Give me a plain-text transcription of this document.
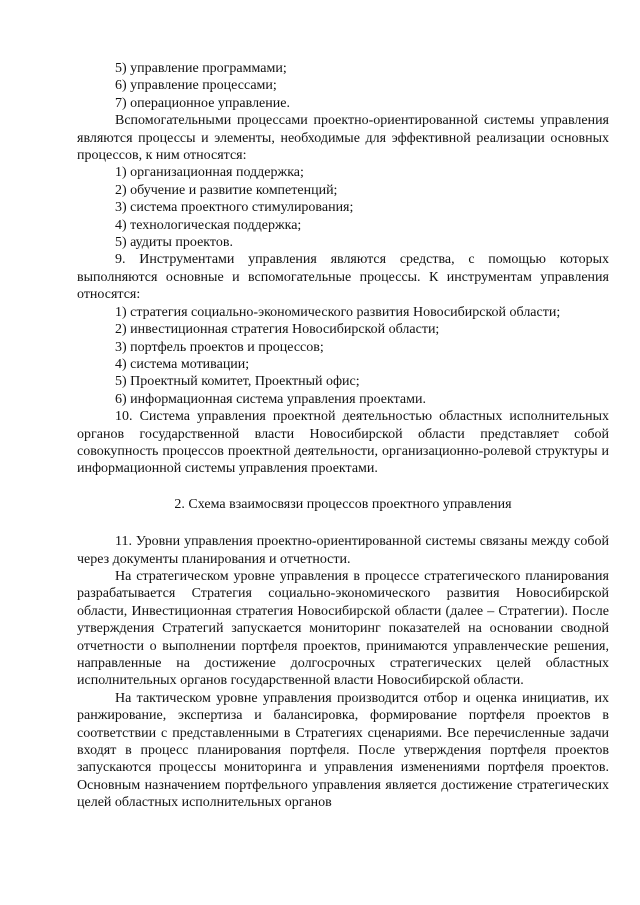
5) управление программами;

6) управление процессами;

7) операционное управление.

Вспомогательными процессами проектно-ориентированной системы управления являются процессы и элементы, необходимые для эффективной реализации основных процессов, к ним относятся:

1) организационная поддержка;

2) обучение и развитие компетенций;

3) система проектного стимулирования;

4) технологическая поддержка;

5) аудиты проектов.

9. Инструментами управления являются средства, с помощью которых выполняются основные и вспомогательные процессы. К инструментам управления относятся:

1) стратегия социально-экономического развития Новосибирской области;

2) инвестиционная стратегия Новосибирской области;

3) портфель проектов и процессов;

4) система мотивации;

5) Проектный комитет, Проектный офис;

6) информационная система управления проектами.

10. Система управления проектной деятельностью областных исполнительных органов государственной власти Новосибирской области представляет собой совокупность процессов проектной деятельности, организационно-ролевой структуры и информационной системы управления проектами.

2. Схема взаимосвязи процессов проектного управления

11. Уровни управления проектно-ориентированной системы связаны между собой через документы планирования и отчетности.

На стратегическом уровне управления в процессе стратегического планирования разрабатывается Стратегия социально-экономического развития Новосибирской области, Инвестиционная стратегия Новосибирской области (далее – Стратегии). После утверждения Стратегий запускается мониторинг показателей на основании сводной отчетности о выполнении портфеля проектов, принимаются управленческие решения, направленные на достижение долгосрочных стратегических целей областных исполнительных органов государственной власти Новосибирской области.

На тактическом уровне управления производится отбор и оценка инициатив, их ранжирование, экспертиза и балансировка, формирование портфеля проектов в соответствии с представленными в Стратегиях сценариями. Все перечисленные задачи входят в процесс планирования портфеля. После утверждения портфеля проектов запускаются процессы мониторинга и управления изменениями портфеля проектов. Основным назначением портфельного управления является достижение стратегических целей областных исполнительных органов
